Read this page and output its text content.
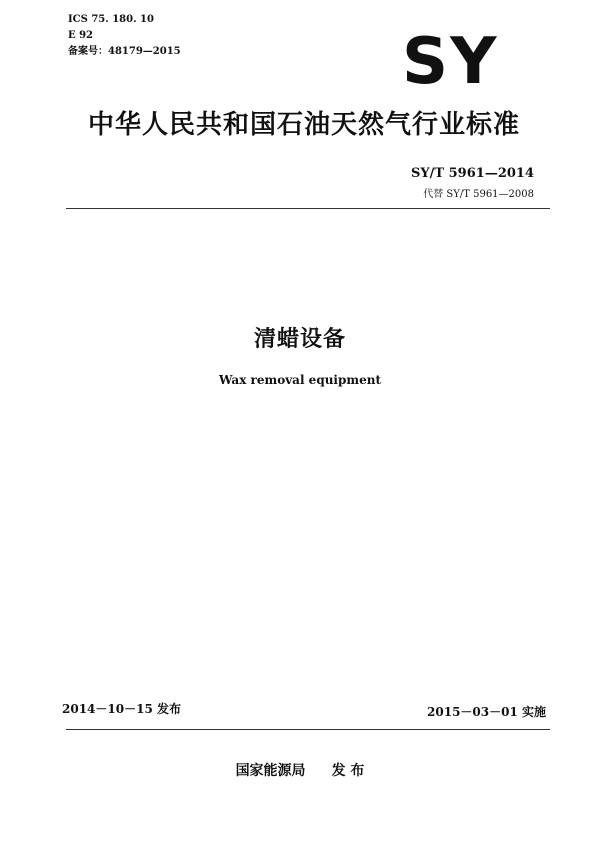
ICS 75. 180. 10
E 92
备案号：48179—2015	SY
中华人民共和国石油天然气行业标准
SY/T 5961—2014
代替 SY/T 5961—2008
清蜡设备
Wax removal equipment
2014－10－15 发布	2015－03－01 实施
国家能源局 发 布
